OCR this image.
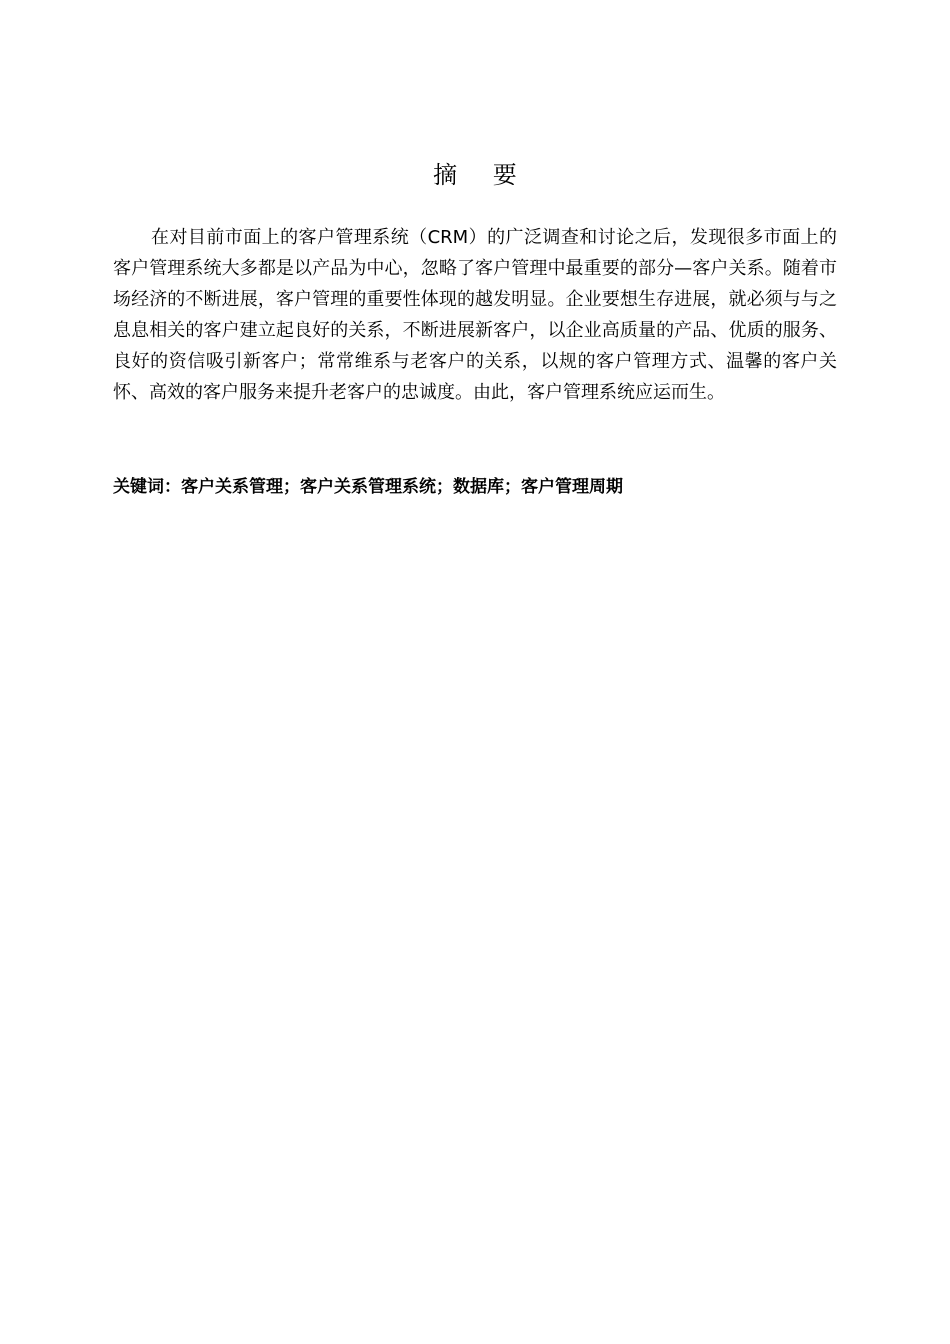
摘 要

在对目前市面上的客户管理系统（CRM）的广泛调查和讨论之后，发现很多市面上的客户管理系统大多都是以产品为中心，忽略了客户管理中最重要的部分—客户关系。随着市场经济的不断进展，客户管理的重要性体现的越发明显。企业要想生存进展，就必须与与之息息相关的客户建立起良好的关系，不断进展新客户，以企业高质量的产品、优质的服务、良好的资信吸引新客户；常常维系与老客户的关系，以规的客户管理方式、温馨的客户关怀、高效的客户服务来提升老客户的忠诚度。由此，客户管理系统应运而生。

关键词：客户关系管理；客户关系管理系统；数据库；客户管理周期
